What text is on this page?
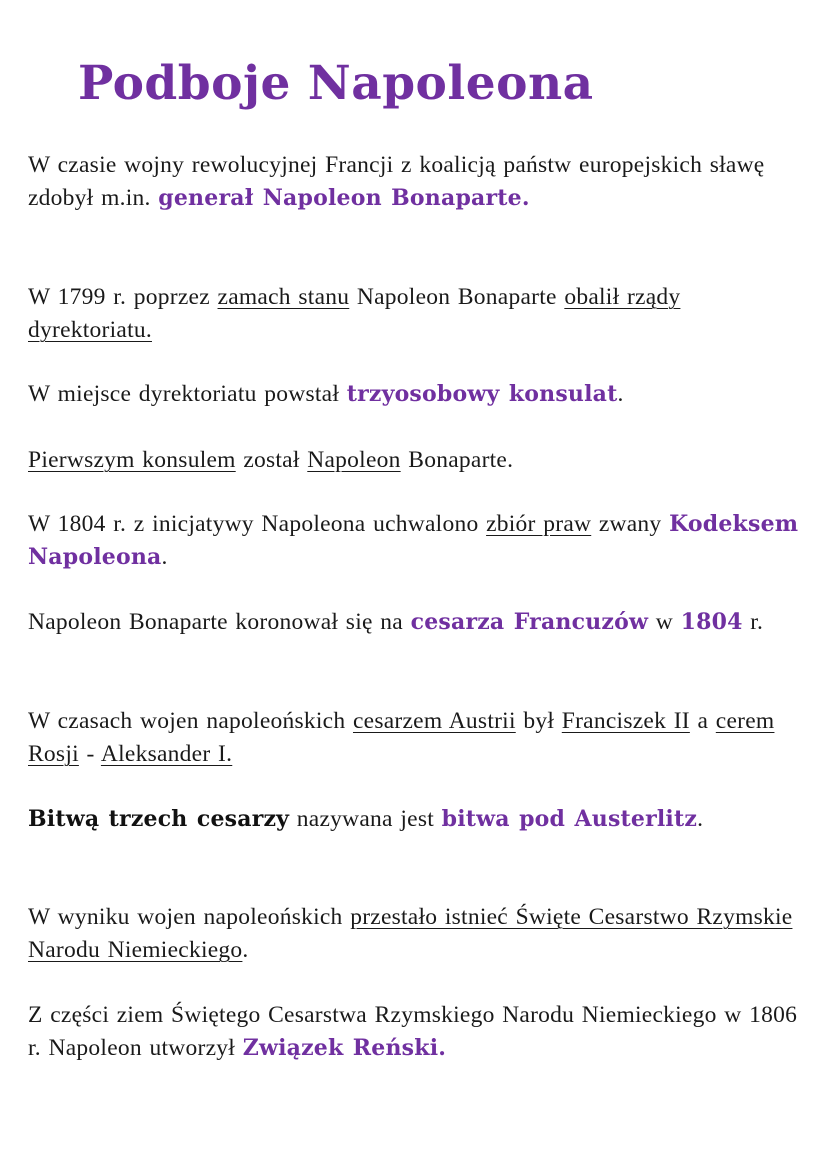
Podboje Napoleona

W czasie wojny rewolucyjnej Francji z koalicją państw europejskich sławę zdobył m.in. generał Napoleon Bonaparte.

W 1799 r. poprzez zamach stanu Napoleon Bonaparte obalił rządy dyrektoriatu.

W miejsce dyrektoriatu powstał trzyosobowy konsulat.

Pierwszym konsulem został Napoleon Bonaparte.

W 1804 r. z inicjatywy Napoleona uchwalono zbiór praw zwany Kodeksem Napoleona.

Napoleon Bonaparte koronował się na cesarza Francuzów w 1804 r.

W czasach wojen napoleońskich cesarzem Austrii był Franciszek II a cerem Rosji - Aleksander I.

Bitwą trzech cesarzy nazywana jest bitwa pod Austerlitz.

W wyniku wojen napoleońskich przestało istnieć Święte Cesarstwo Rzymskie Narodu Niemieckiego.

Z części ziem Świętego Cesarstwa Rzymskiego Narodu Niemieckiego w 1806 r. Napoleon utworzył Związek Reński.
